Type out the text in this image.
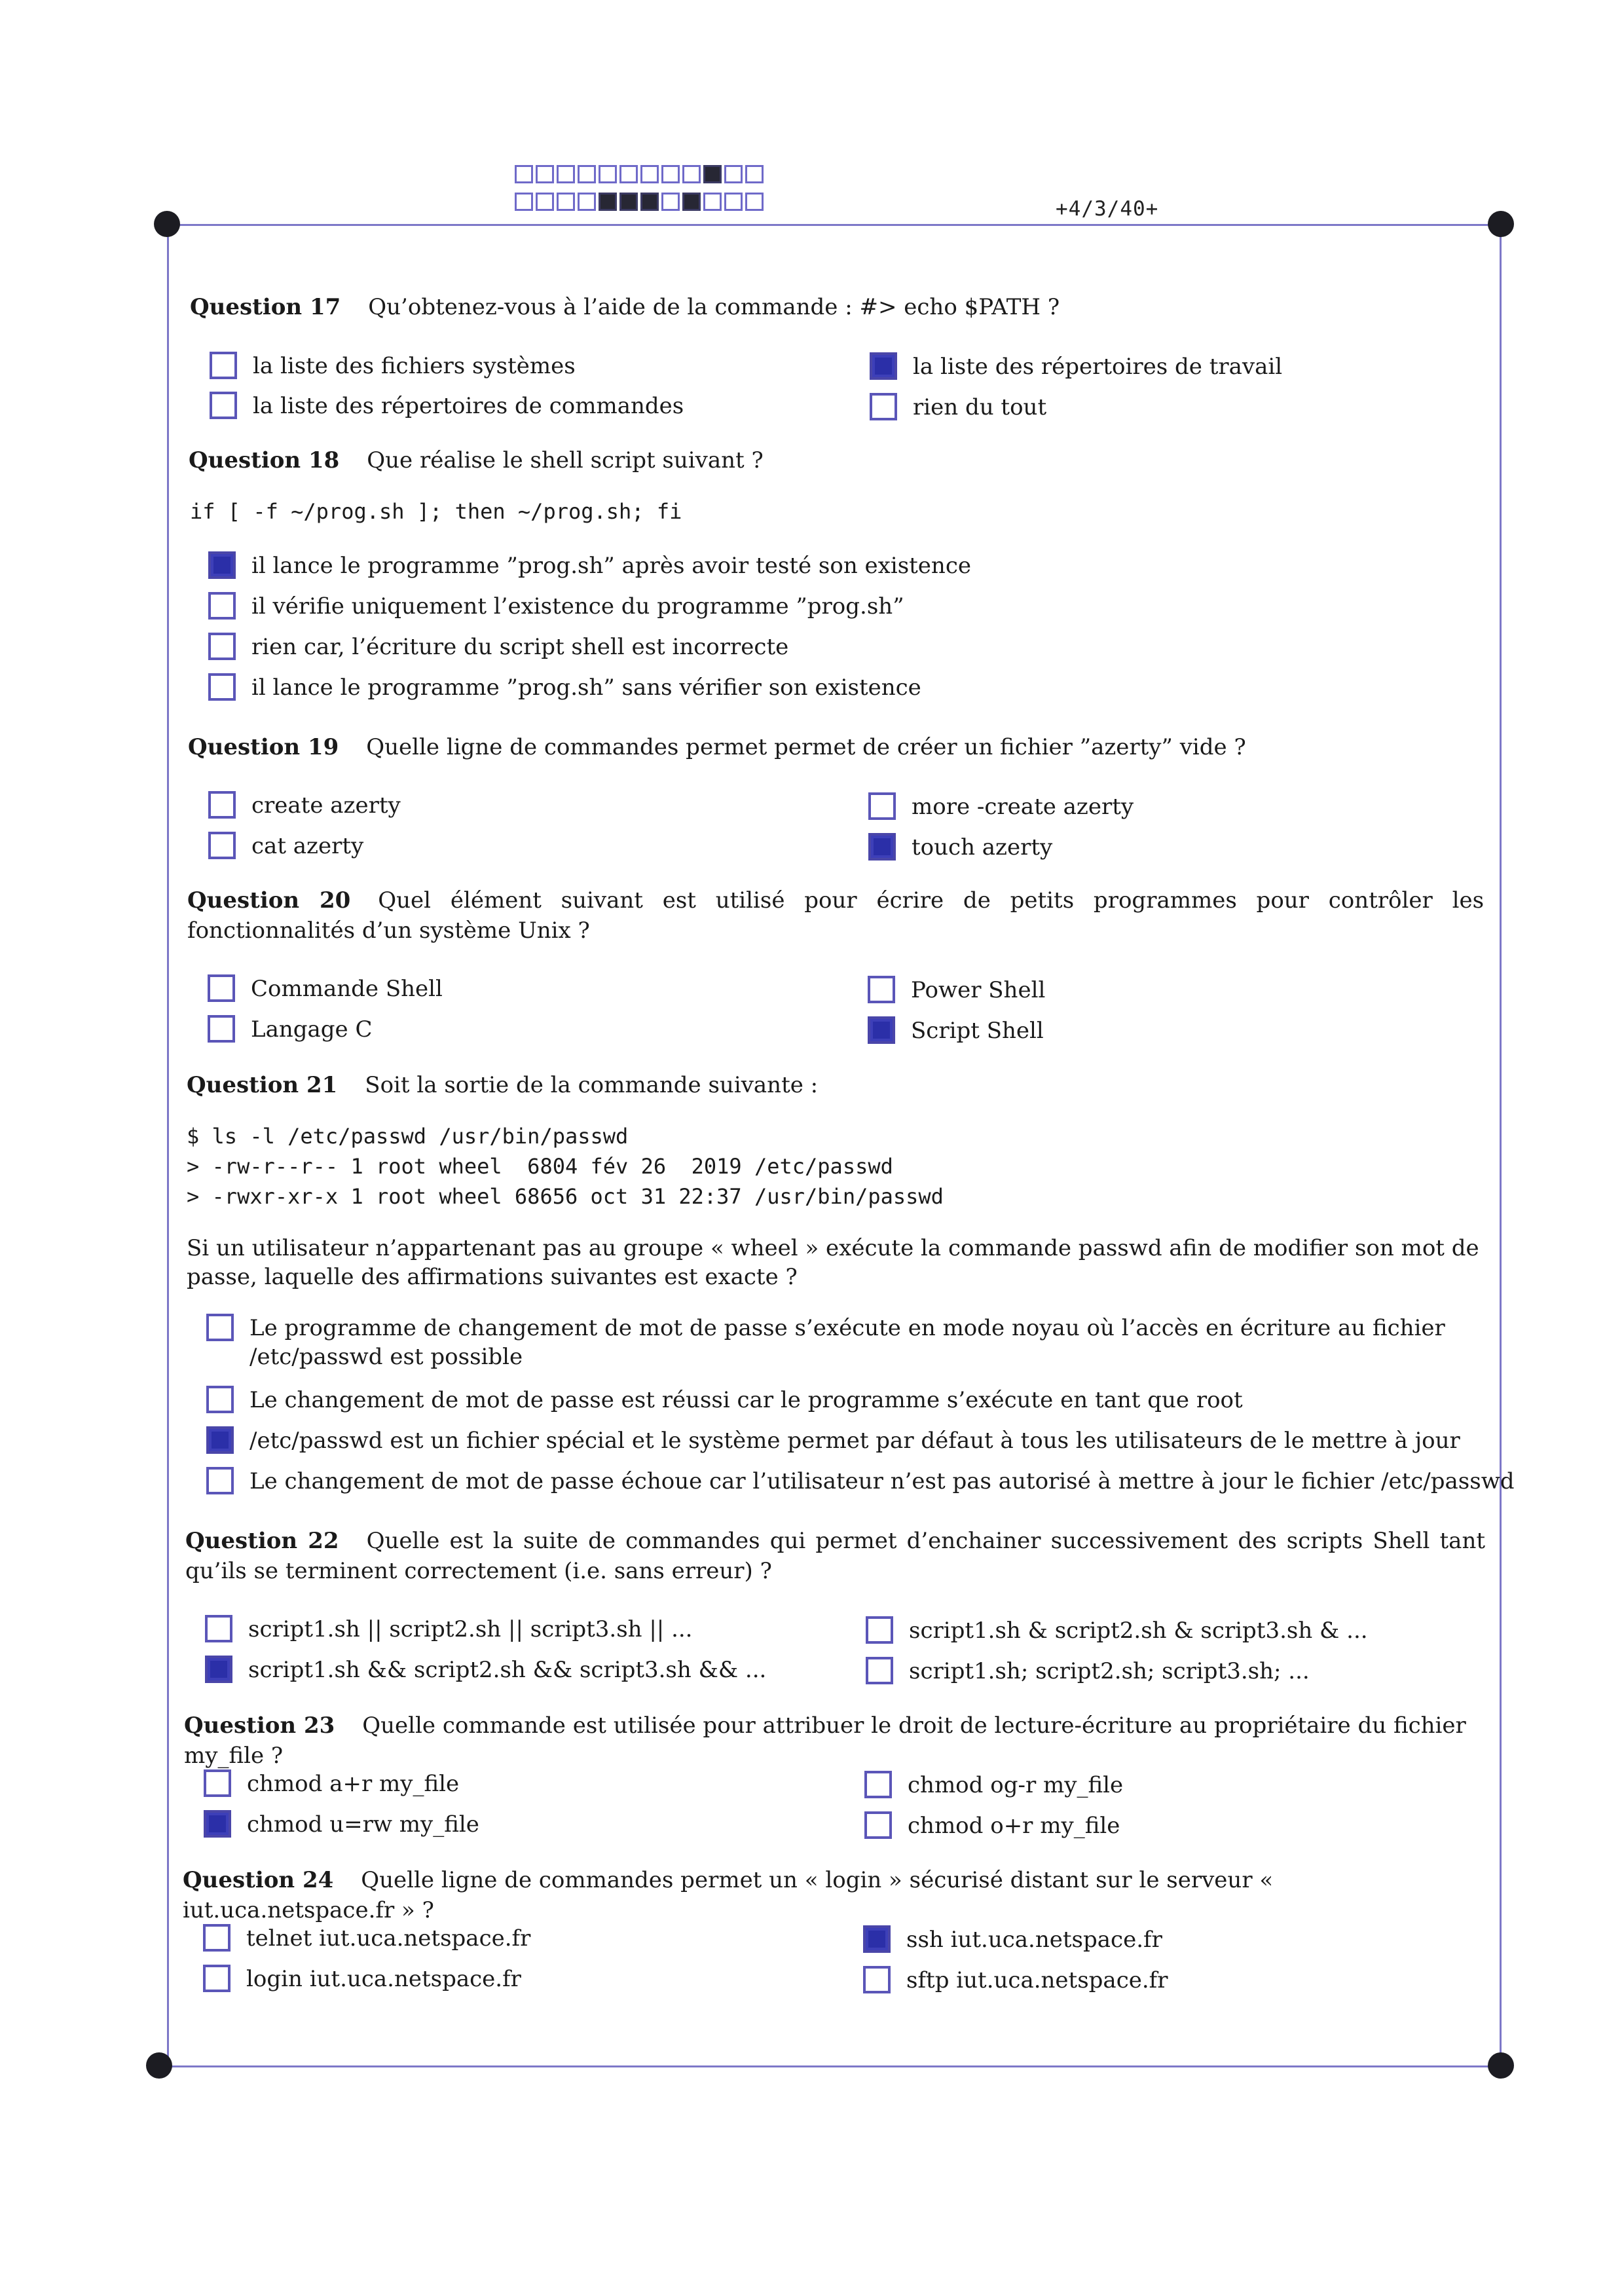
+4/3/40+
Question 17 Qu’obtenez-vous à l’aide de la commande : #> echo $PATH ?
la liste des fichiers systèmes	la liste des répertoires de travail
la liste des répertoires de commandes	rien du tout
Question 18 Que réalise le shell script suivant ?
if [ -f ~/prog.sh ]; then ~/prog.sh; fi
il lance le programme ”prog.sh” après avoir testé son existence
il vérifie uniquement l’existence du programme ”prog.sh”
rien car, l’écriture du script shell est incorrecte
il lance le programme ”prog.sh” sans vérifier son existence
Question 19 Quelle ligne de commandes permet permet de créer un fichier ”azerty” vide ?
create azerty	more -create azerty
cat azerty	touch azerty
Question 20 Quel élément suivant est utilisé pour écrire de petits programmes pour contrôler les fonctionnalités d’un système Unix ?
Commande Shell	Power Shell
Langage C	Script Shell
Question 21 Soit la sortie de la commande suivante :
$ ls -l /etc/passwd /usr/bin/passwd
> -rw-r--r-- 1 root wheel  6804 fév 26  2019 /etc/passwd
> -rwxr-xr-x 1 root wheel 68656 oct 31 22:37 /usr/bin/passwd
Si un utilisateur n’appartenant pas au groupe « wheel » exécute la commande passwd afin de modifier son mot de passe, laquelle des affirmations suivantes est exacte ?
Le programme de changement de mot de passe s’exécute en mode noyau où l’accès en écriture au fichier /etc/passwd est possible
Le changement de mot de passe est réussi car le programme s’exécute en tant que root
/etc/passwd est un fichier spécial et le système permet par défaut à tous les utilisateurs de le mettre à jour
Le changement de mot de passe échoue car l’utilisateur n’est pas autorisé à mettre à jour le fichier /etc/passwd
Question 22 Quelle est la suite de commandes qui permet d’enchainer successivement des scripts Shell tant qu’ils se terminent correctement (i.e. sans erreur) ?
script1.sh || script2.sh || script3.sh || ...	script1.sh & script2.sh & script3.sh & ...
script1.sh && script2.sh && script3.sh && ...	script1.sh; script2.sh; script3.sh; ...
Question 23 Quelle commande est utilisée pour attribuer le droit de lecture-écriture au propriétaire du fichier my_file ?
chmod a+r my_file	chmod og-r my_file
chmod u=rw my_file	chmod o+r my_file
Question 24 Quelle ligne de commandes permet un « login » sécurisé distant sur le serveur « iut.uca.netspace.fr » ?
telnet iut.uca.netspace.fr	ssh iut.uca.netspace.fr
login iut.uca.netspace.fr	sftp iut.uca.netspace.fr
